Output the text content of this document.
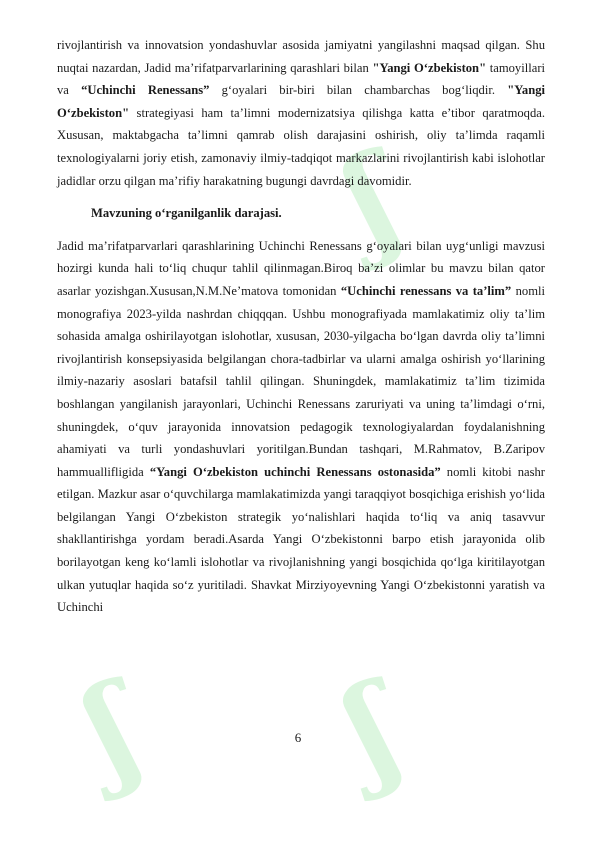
ʃ
ʃ ʃ

rivojlantirish va innovatsion yondashuvlar asosida jamiyatni yangilashni maqsad qilgan. Shu nuqtai nazardan, Jadid ma’rifatparvarlarining qarashlari bilan "Yangi O‘zbekiston" tamoyillari va “Uchinchi Renessans” g‘oyalari bir-biri bilan chambarchas bog‘liqdir. "Yangi O‘zbekiston" strategiyasi ham ta’limni modernizatsiya qilishga katta e’tibor qaratmoqda. Xususan, maktabgacha ta’limni qamrab olish darajasini oshirish, oliy ta’limda raqamli texnologiyalarni joriy etish, zamonaviy ilmiy-tadqiqot markazlarini rivojlantirish kabi islohotlar jadidlar orzu qilgan ma’rifiy harakatning bugungi davrdagi davomidir.

Mavzuning o‘rganilganlik darajasi.

Jadid ma’rifatparvarlari qarashlarining Uchinchi Renessans g‘oyalari bilan uyg‘unligi mavzusi hozirgi kunda hali to‘liq chuqur tahlil qilinmagan.Biroq ba’zi olimlar bu mavzu bilan qator asarlar yozishgan.Xususan,N.M.Ne’matova tomonidan “Uchinchi renessans va ta’lim” nomli monografiya 2023-yilda nashrdan chiqqqan. Ushbu monografiyada mamlakatimiz oliy ta’lim sohasida amalga oshirilayotgan islohotlar, xususan, 2030-yilgacha bo‘lgan davrda oliy ta’limni rivojlantirish konsepsiyasida belgilangan chora-tadbirlar va ularni amalga oshirish yo‘llarining ilmiy-nazariy asoslari batafsil tahlil qilingan. Shuningdek, mamlakatimiz ta’lim tizimida boshlangan yangilanish jarayonlari, Uchinchi Renessans zaruriyati va uning ta’limdagi o‘rni, shuningdek, o‘quv jarayonida innovatsion pedagogik texnologiyalardan foydalanishning ahamiyati va turli yondashuvlari yoritilgan.Bundan tashqari, M.Rahmatov, B.Zaripov hammuallifligida “Yangi O‘zbekiston uchinchi Renessans ostonasida” nomli kitobi nashr etilgan. Mazkur asar o‘quvchilarga mamlakatimizda yangi taraqqiyot bosqichiga erishish yo‘lida belgilangan Yangi O‘zbekiston strategik yo‘nalishlari haqida to‘liq va aniq tasavvur shakllantirishga yordam beradi.Asarda Yangi O‘zbekistonni barpo etish jarayonida olib borilayotgan keng ko‘lamli islohotlar va rivojlanishning yangi bosqichida qo‘lga kiritilayotgan ulkan yutuqlar haqida so‘z yuritiladi. Shavkat Mirziyoyevning Yangi O‘zbekistonni yaratish va Uchinchi

6
